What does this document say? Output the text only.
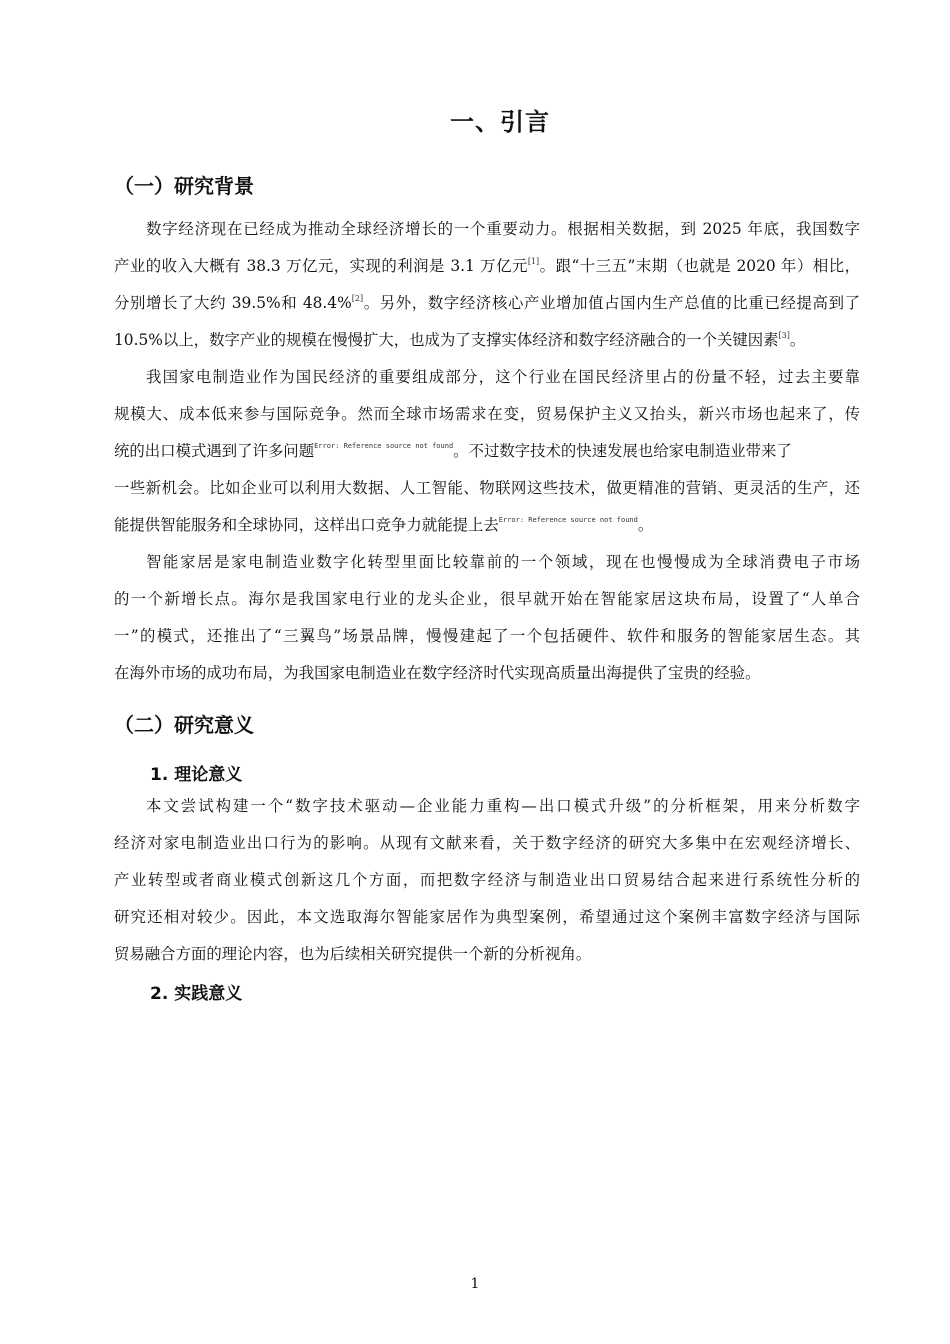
一、引言
（一）研究背景
数字经济现在已经成为推动全球经济增长的一个重要动力。根据相关数据，到 2025 年底，我国数字
产业的收入大概有 38.3 万亿元，实现的利润是 3.1 万亿元[1]。跟“十三五”末期（也就是 2020 年）相比，
分别增长了大约 39.5%和 48.4%[2]。另外，数字经济核心产业增加值占国内生产总值的比重已经提高到了
10.5%以上，数字产业的规模在慢慢扩大，也成为了支撑实体经济和数字经济融合的一个关键因素[3]。
我国家电制造业作为国民经济的重要组成部分，这个行业在国民经济里占的份量不轻，过去主要靠
规模大、成本低来参与国际竞争。然而全球市场需求在变，贸易保护主义又抬头，新兴市场也起来了，传
统的出口模式遇到了许多问题$^{Error: Reference source not found}$。不过数字技术的快速发展也给家电制造业带来了
一些新机会。比如企业可以利用大数据、人工智能、物联网这些技术，做更精准的营销、更灵活的生产，还
能提供智能服务和全球协同，这样出口竞争力就能提上去$^{Error: Reference source not found}$。
智能家居是家电制造业数字化转型里面比较靠前的一个领域，现在也慢慢成为全球消费电子市场
的一个新增长点。海尔是我国家电行业的龙头企业，很早就开始在智能家居这块布局，设置了“人单合
一”的模式，还推出了“三翼鸟”场景品牌，慢慢建起了一个包括硬件、软件和服务的智能家居生态。其
在海外市场的成功布局，为我国家电制造业在数字经济时代实现高质量出海提供了宝贵的经验。
（二）研究意义
1. 理论意义
本文尝试构建一个“数字技术驱动—企业能力重构—出口模式升级”的分析框架，用来分析数字
经济对家电制造业出口行为的影响。从现有文献来看，关于数字经济的研究大多集中在宏观经济增长、
产业转型或者商业模式创新这几个方面，而把数字经济与制造业出口贸易结合起来进行系统性分析的
研究还相对较少。因此，本文选取海尔智能家居作为典型案例，希望通过这个案例丰富数字经济与国际
贸易融合方面的理论内容，也为后续相关研究提供一个新的分析视角。
2. 实践意义
1
